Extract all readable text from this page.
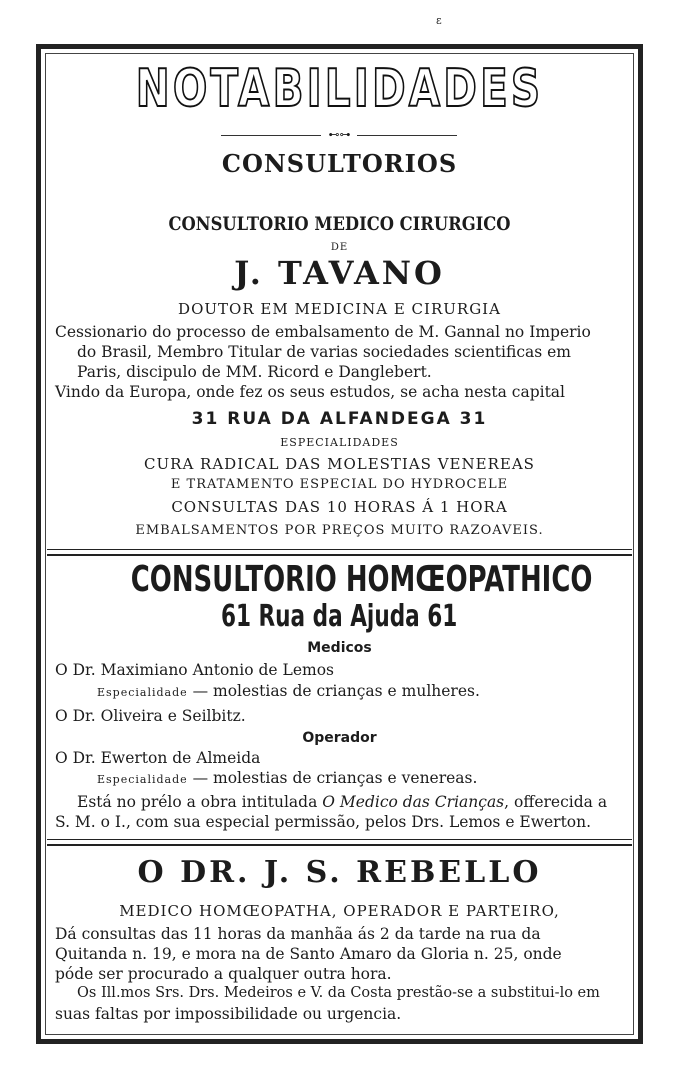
ε
NOTABILIDADES
⊷⊶
CONSULTORIOS
CONSULTORIO MEDICO CIRURGICO
DE
J. TAVANO
DOUTOR EM MEDICINA E CIRURGIA
Cessionario do processo de embalsamento de M. Gannal no Imperio
do Brasil, Membro Titular de varias sociedades scientificas em
Paris, discipulo de MM. Ricord e Danglebert.
Vindo da Europa, onde fez os seus estudos, se acha nesta capital
31 RUA DA ALFANDEGA 31
ESPECIALIDADES
CURA RADICAL DAS MOLESTIAS VENEREAS
E TRATAMENTO ESPECIAL DO HYDROCELE
CONSULTAS DAS 10 HORAS Á 1 HORA
EMBALSAMENTOS POR PREÇOS MUITO RAZOAVEIS.
CONSULTORIO HOMŒOPATHICO
61 Rua da Ajuda 61
Medicos
O Dr. Maximiano Antonio de Lemos
Especialidade — molestias de crianças e mulheres.
O Dr. Oliveira e Seilbitz.
Operador
O Dr. Ewerton de Almeida
Especialidade — molestias de crianças e venereas.
Está no prélo a obra intitulada O Medico das Crianças, offerecida a
S. M. o I., com sua especial permissão, pelos Drs. Lemos e Ewerton.
O DR. J. S. REBELLO
MEDICO HOMŒOPATHA, OPERADOR E PARTEIRO,
Dá consultas das 11 horas da manhãa ás 2 da tarde na rua da
Quitanda n. 19, e mora na de Santo Amaro da Gloria n. 25, onde
póde ser procurado a qualquer outra hora.
Os Ill.mos Srs. Drs. Medeiros e V. da Costa prestão-se a substitui-lo em
suas faltas por impossibilidade ou urgencia.
